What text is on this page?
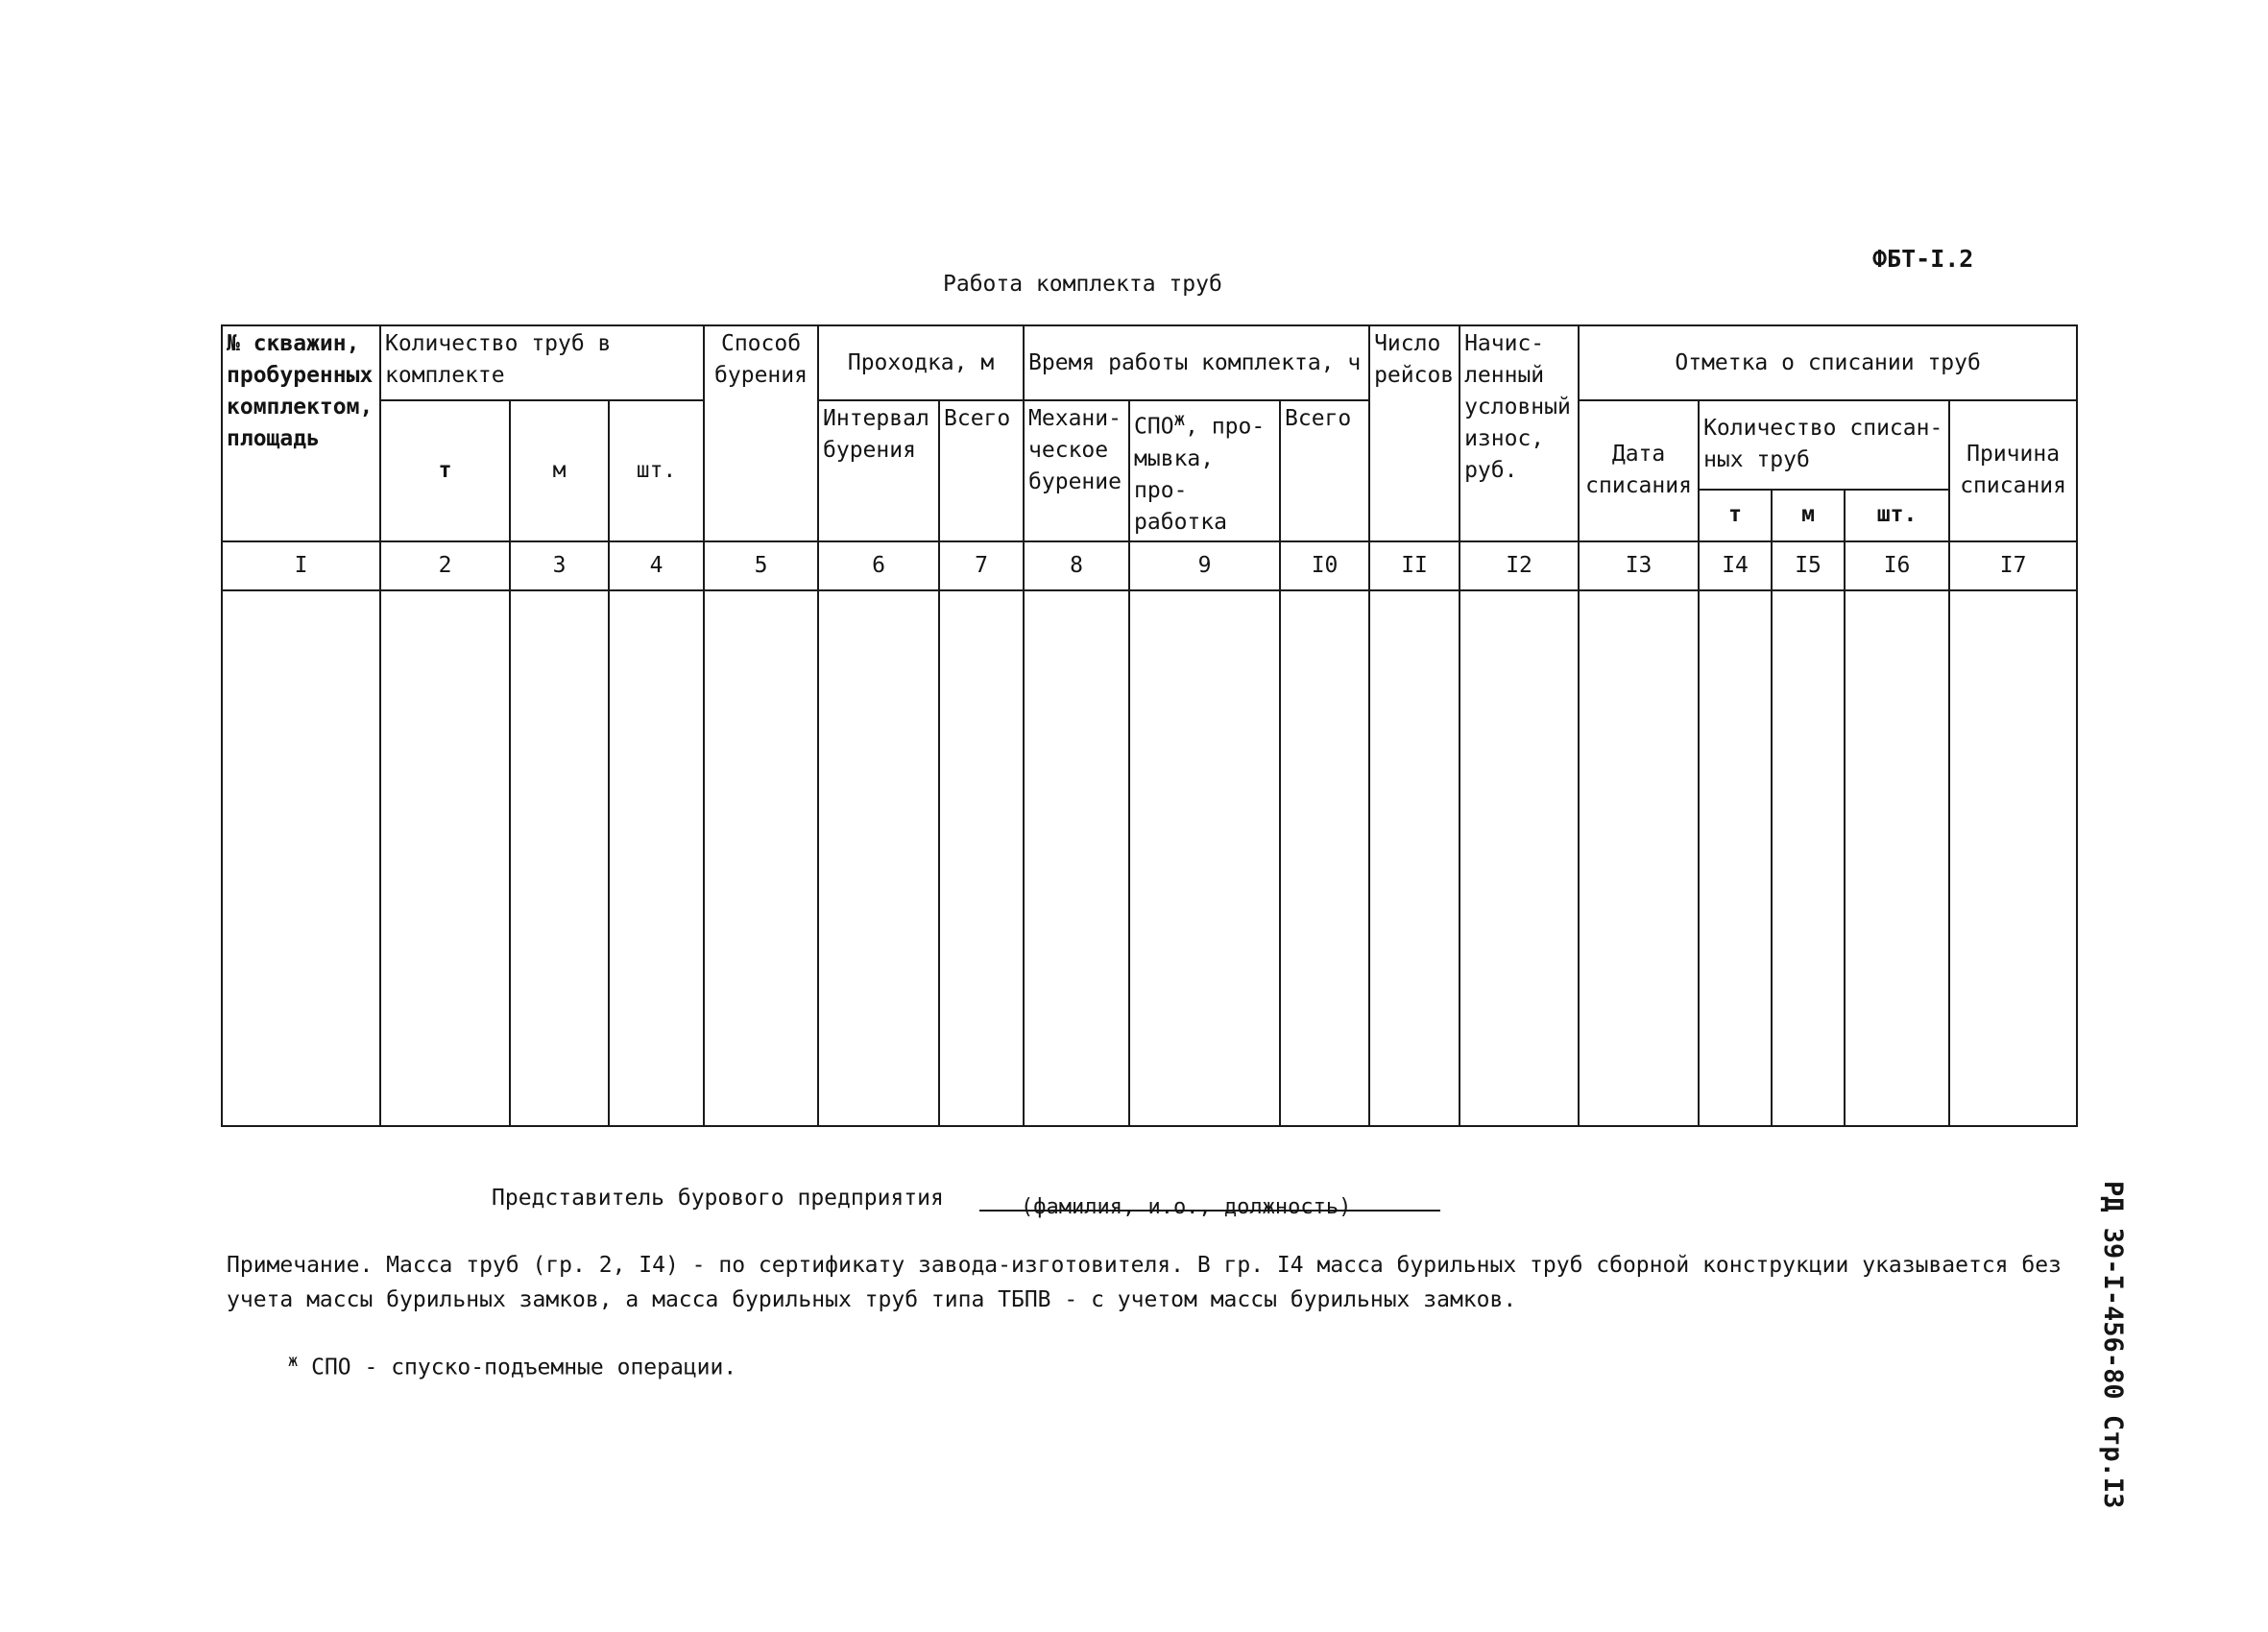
ФБТ-I.2
Работа комплекта труб
№ скважин, пробуренных комплектом, площадь	Количество труб в комплекте			Способ бурения	Проходка, м		Время работы комплекта, ч			Число рейсов	Начис- ленный условный износ, руб.	Отметка о списании труб				
	т	м	шт.		Интервал бурения	Всего	Механи- ческое бурение	$СПО^ж$, про- мывка, про- работка	Всего			Дата списания	Количество списан- ных труб			Причина списания
													т	м	шт.	
I	2	3	4	5	6	7	8	9	I0	II	I2	I3	I4	I5	I6	I7

Представитель бурового предприятия	(фамилия, и.о., должность)
Примечание. Масса труб (гр. 2, I4) - по сертификату завода-изготовителя. В гр. I4 масса бурильных труб сборной конструкции указывается без учета массы бурильных замков, а масса бурильных труб типа ТБПВ - с учетом массы бурильных замков.
$^ж$ СПО - спуско-подъемные операции.	РД 39-I-456-80 Стр.I3
